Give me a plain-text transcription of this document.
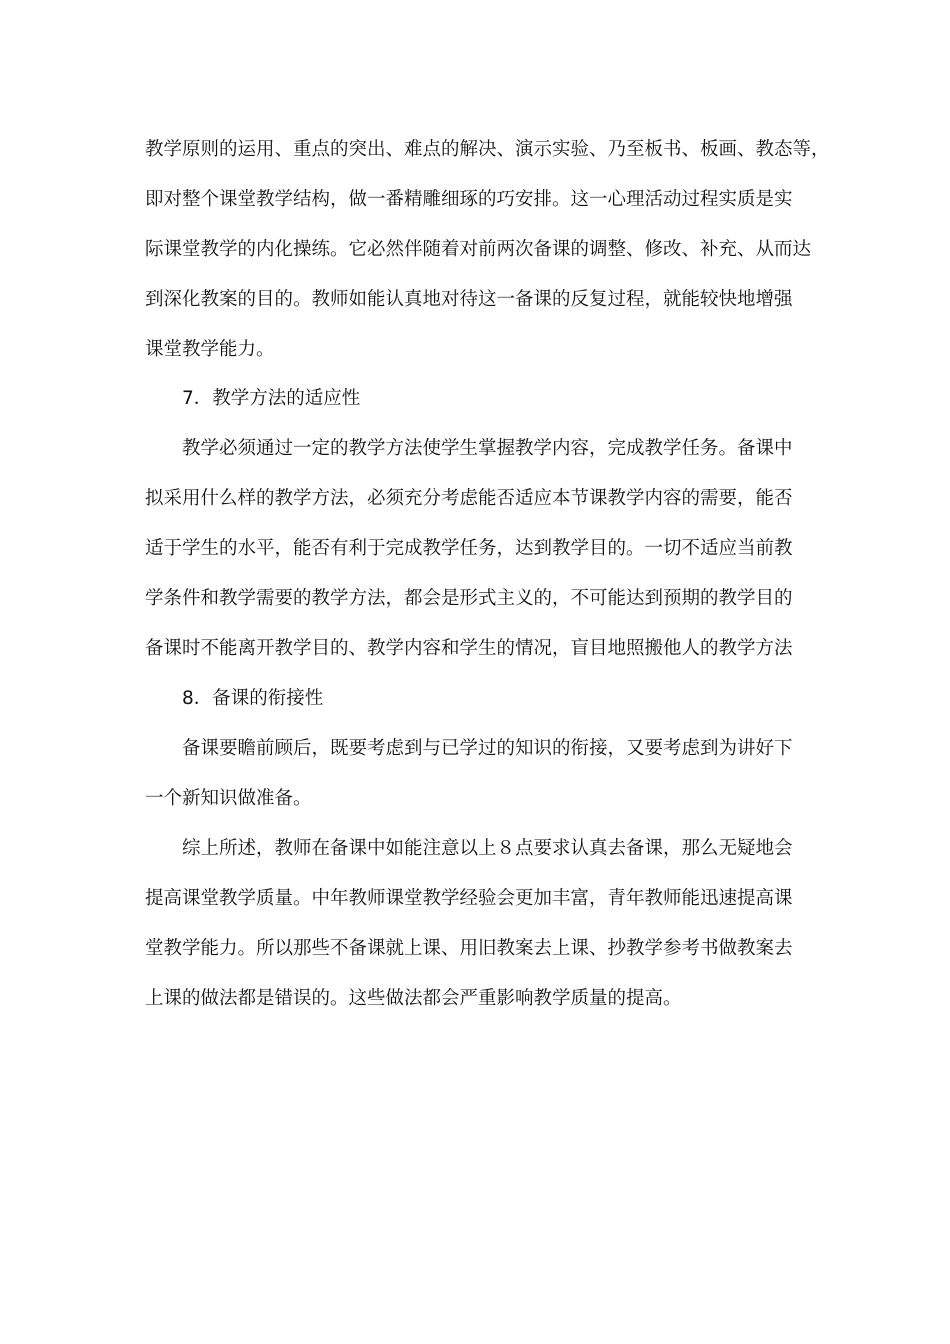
教学原则的运用、重点的突出、难点的解决、演示实验、乃至板书、板画、教态等，
即对整个课堂教学结构，做一番精雕细琢的巧安排。这一心理活动过程实质是实
际课堂教学的内化操练。它必然伴随着对前两次备课的调整、修改、补充、从而达
到深化教案的目的。教师如能认真地对待这一备课的反复过程，就能较快地增强
课堂教学能力。
7．教学方法的适应性
教学必须通过一定的教学方法使学生掌握教学内容，完成教学任务。备课中
拟采用什么样的教学方法，必须充分考虑能否适应本节课教学内容的需要，能否
适于学生的水平，能否有利于完成教学任务，达到教学目的。一切不适应当前教
学条件和教学需要的教学方法，都会是形式主义的，不可能达到预期的教学目的
备课时不能离开教学目的、教学内容和学生的情况，盲目地照搬他人的教学方法
8．备课的衔接性
备课要瞻前顾后，既要考虑到与已学过的知识的衔接，又要考虑到为讲好下
一个新知识做准备。
综上所述，教师在备课中如能注意以上８点要求认真去备课，那么无疑地会
提高课堂教学质量。中年教师课堂教学经验会更加丰富，青年教师能迅速提高课
堂教学能力。所以那些不备课就上课、用旧教案去上课、抄教学参考书做教案去
上课的做法都是错误的。这些做法都会严重影响教学质量的提高。
